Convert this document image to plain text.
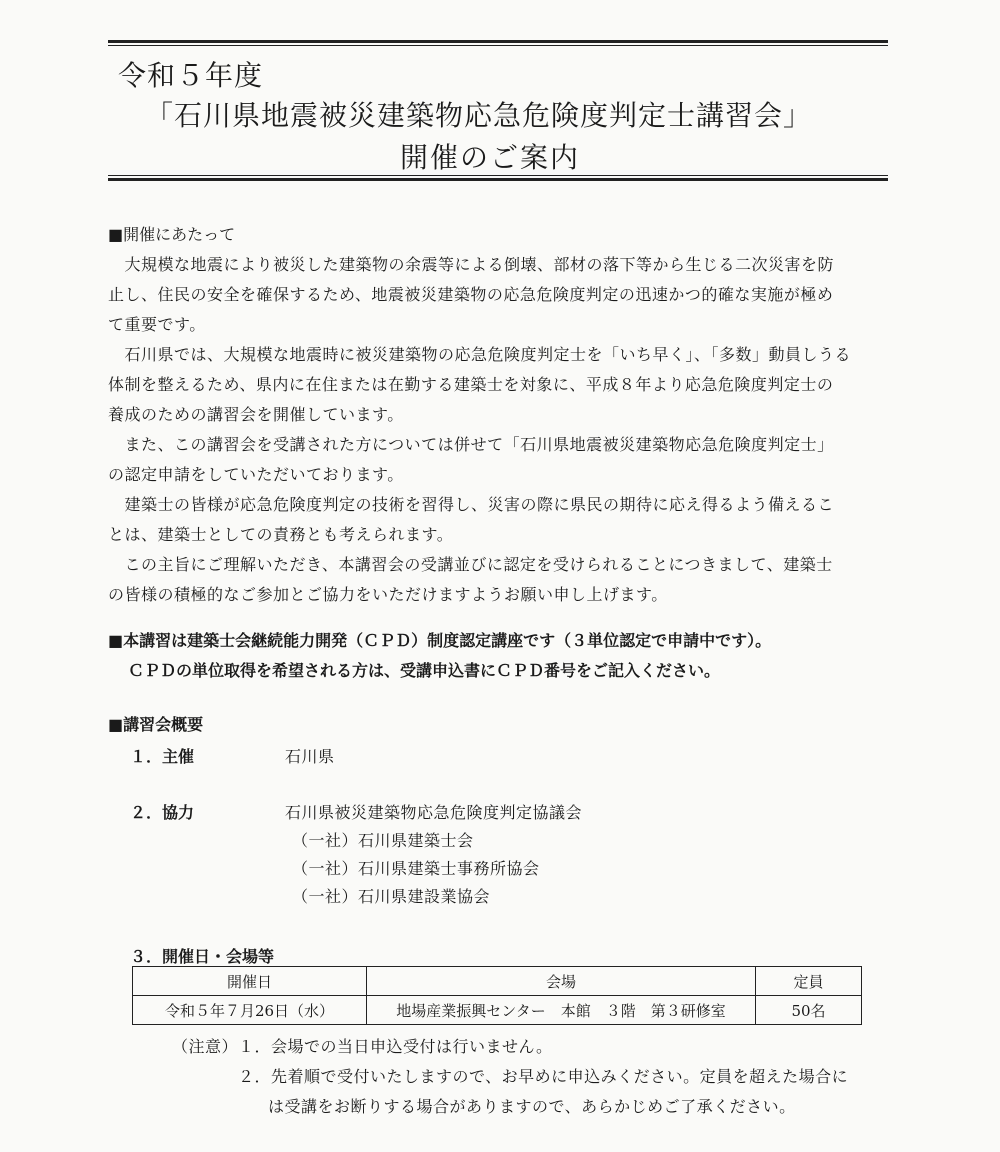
令和５年度
「石川県地震被災建築物応急危険度判定士講習会」
開催のご案内
■開催にあたって
　大規模な地震により被災した建築物の余震等による倒壊、部材の落下等から生じる二次災害を防
止し、住民の安全を確保するため、地震被災建築物の応急危険度判定の迅速かつ的確な実施が極め
て重要です。
　石川県では、大規模な地震時に被災建築物の応急危険度判定士を「いち早く」、「多数」動員しうる
体制を整えるため、県内に在住または在勤する建築士を対象に、平成８年より応急危険度判定士の
養成のための講習会を開催しています。
　また、この講習会を受講された方については併せて「石川県地震被災建築物応急危険度判定士」
の認定申請をしていただいております。
　建築士の皆様が応急危険度判定の技術を習得し、災害の際に県民の期待に応え得るよう備えるこ
とは、建築士としての責務とも考えられます。
　この主旨にご理解いただき、本講習会の受講並びに認定を受けられることにつきまして、建築士
の皆様の積極的なご参加とご協力をいただけますようお願い申し上げます。
■本講習は建築士会継続能力開発（ＣＰＤ）制度認定講座です（３単位認定で申請中です）。
ＣＰＤの単位取得を希望される方は、受講申込書にＣＰＤ番号をご記入ください。
■講習会概要
１．主催	石川県
２．協力	石川県被災建築物応急危険度判定協議会
（一社）石川県建築士会
（一社）石川県建築士事務所協会
（一社）石川県建設業協会
３．開催日・会場等
開催日	会場	定員
令和５年７月26日（水）	地場産業振興センター　本館　３階　第３研修室	50名
（注意） １．会場での当日申込受付は行いません。
２．先着順で受付いたしますので、お早めに申込みください。定員を超えた場合に
は受講をお断りする場合がありますので、あらかじめご了承ください。
